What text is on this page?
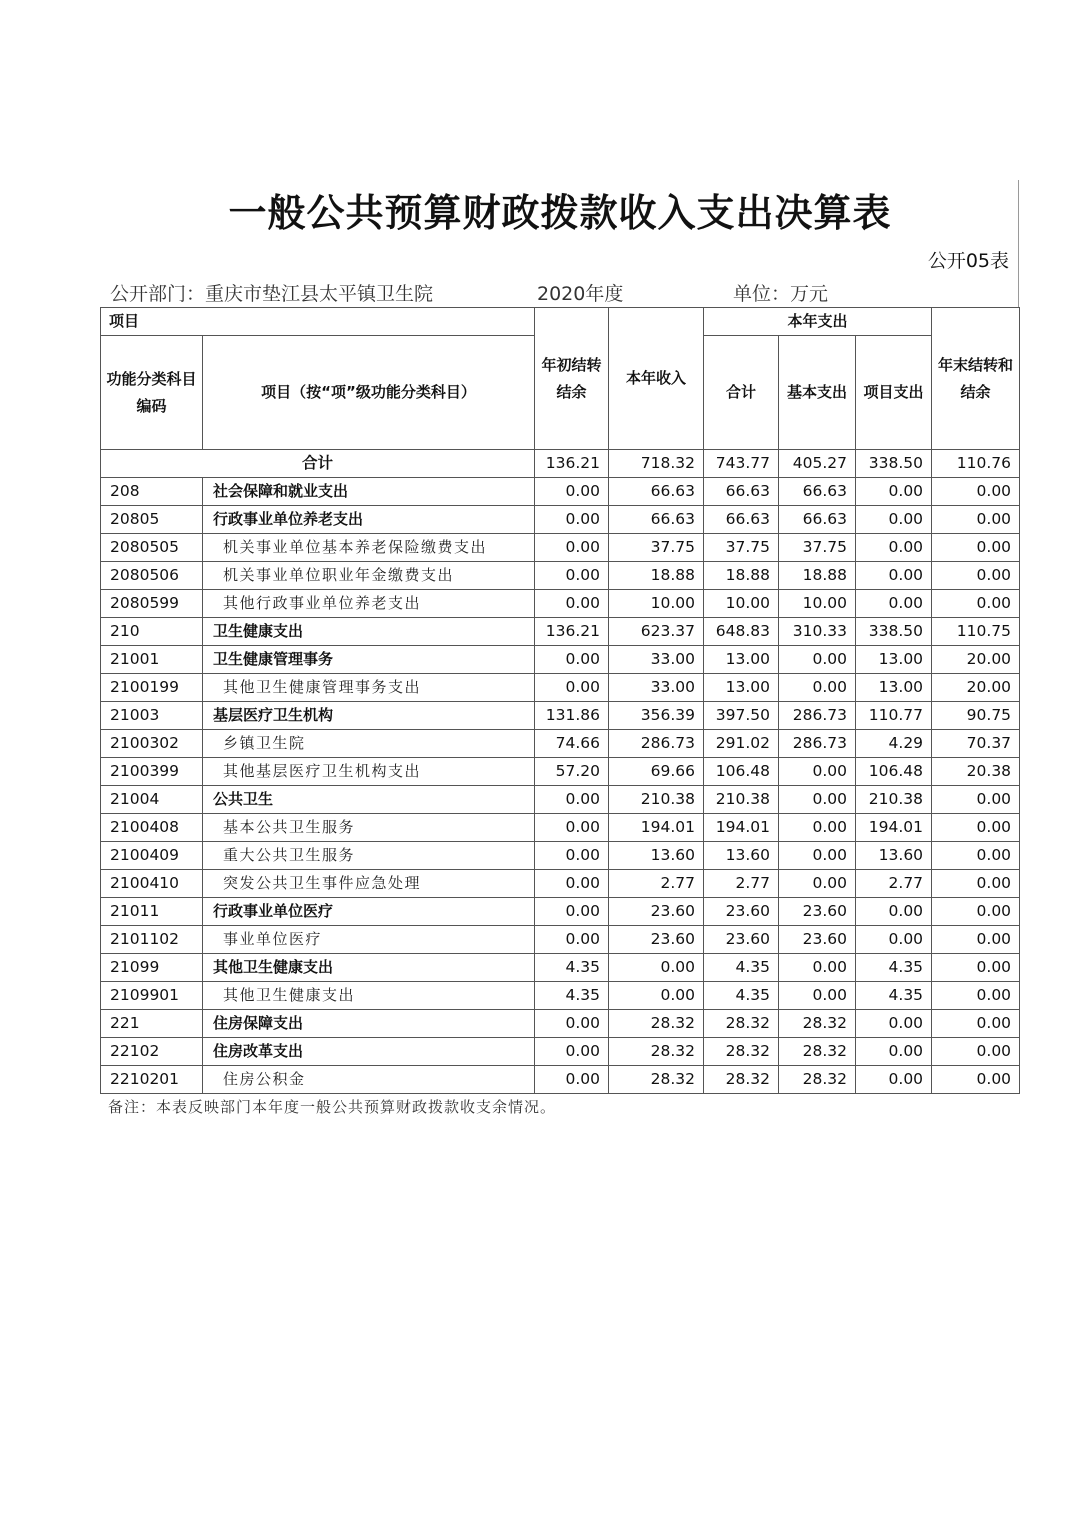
一般公共预算财政拨款收入支出决算表
公开05表
公开部门：重庆市垫江县太平镇卫生院	2020年度	单位：万元
项目		年初结转结余	本年收入	本年支出			年末结转和结余
功能分类科目编码	项目（按“项”级功能分类科目）			合计	基本支出	项目支出	
合计		136.21	718.32	743.77	405.27	338.50	110.76
208	社会保障和就业支出	0.00	66.63	66.63	66.63	0.00	0.00
20805	行政事业单位养老支出	0.00	66.63	66.63	66.63	0.00	0.00
2080505	机关事业单位基本养老保险缴费支出	0.00	37.75	37.75	37.75	0.00	0.00
2080506	机关事业单位职业年金缴费支出	0.00	18.88	18.88	18.88	0.00	0.00
2080599	其他行政事业单位养老支出	0.00	10.00	10.00	10.00	0.00	0.00
210	卫生健康支出	136.21	623.37	648.83	310.33	338.50	110.75
21001	卫生健康管理事务	0.00	33.00	13.00	0.00	13.00	20.00
2100199	其他卫生健康管理事务支出	0.00	33.00	13.00	0.00	13.00	20.00
21003	基层医疗卫生机构	131.86	356.39	397.50	286.73	110.77	90.75
2100302	乡镇卫生院	74.66	286.73	291.02	286.73	4.29	70.37
2100399	其他基层医疗卫生机构支出	57.20	69.66	106.48	0.00	106.48	20.38
21004	公共卫生	0.00	210.38	210.38	0.00	210.38	0.00
2100408	基本公共卫生服务	0.00	194.01	194.01	0.00	194.01	0.00
2100409	重大公共卫生服务	0.00	13.60	13.60	0.00	13.60	0.00
2100410	突发公共卫生事件应急处理	0.00	2.77	2.77	0.00	2.77	0.00
21011	行政事业单位医疗	0.00	23.60	23.60	23.60	0.00	0.00
2101102	事业单位医疗	0.00	23.60	23.60	23.60	0.00	0.00
21099	其他卫生健康支出	4.35	0.00	4.35	0.00	4.35	0.00
2109901	其他卫生健康支出	4.35	0.00	4.35	0.00	4.35	0.00
221	住房保障支出	0.00	28.32	28.32	28.32	0.00	0.00
22102	住房改革支出	0.00	28.32	28.32	28.32	0.00	0.00
2210201	住房公积金	0.00	28.32	28.32	28.32	0.00	0.00
备注：本表反映部门本年度一般公共预算财政拨款收支余情况。
